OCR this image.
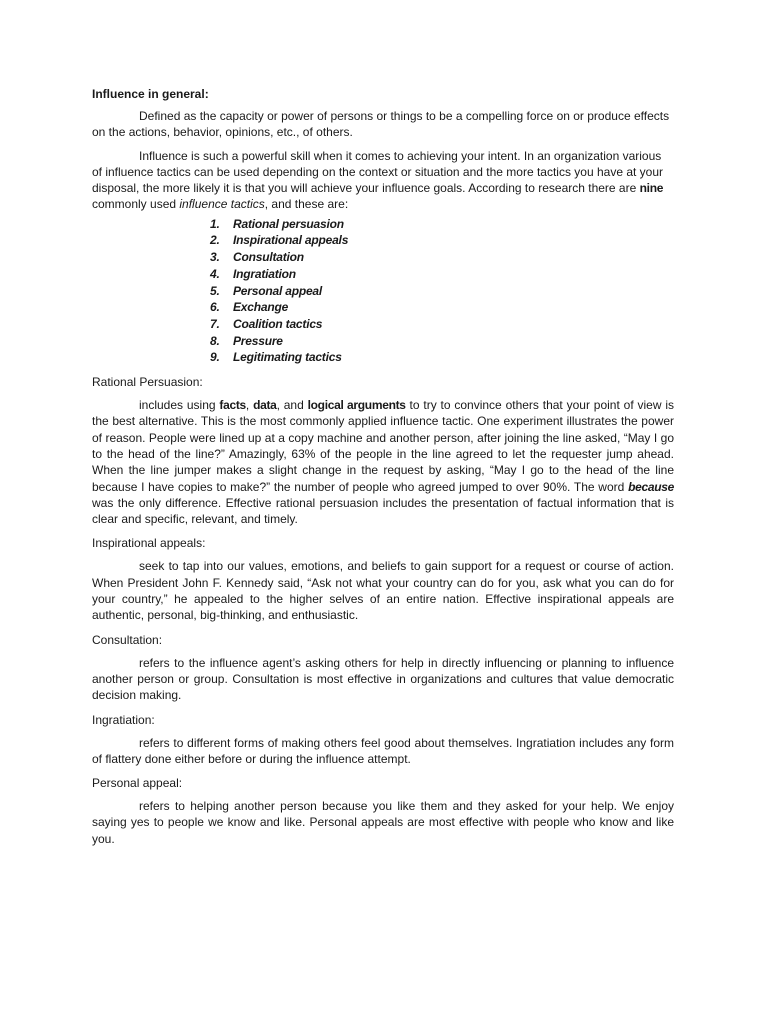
Influence in general:

Defined as the capacity or power of persons or things to be a compelling force on or produce effects on the actions, behavior, opinions, etc., of others.

Influence is such a powerful skill when it comes to achieving your intent. In an organization various of influence tactics can be used depending on the context or situation and the more tactics you have at your disposal, the more likely it is that you will achieve your influence goals. According to research there are nine commonly used influence tactics, and these are:

1. Rational persuasion
2. Inspirational appeals
3. Consultation
4. Ingratiation
5. Personal appeal
6. Exchange
7. Coalition tactics
8. Pressure
9. Legitimating tactics
Rational Persuasion:

includes using facts, data, and logical arguments to try to convince others that your point of view is the best alternative. This is the most commonly applied influence tactic. One experiment illustrates the power of reason. People were lined up at a copy machine and another person, after joining the line asked, “May I go to the head of the line?” Amazingly, 63% of the people in the line agreed to let the requester jump ahead. When the line jumper makes a slight change in the request by asking, “May I go to the head of the line because I have copies to make?” the number of people who agreed jumped to over 90%. The word because was the only difference. Effective rational persuasion includes the presentation of factual information that is clear and specific, relevant, and timely.

Inspirational appeals:

seek to tap into our values, emotions, and beliefs to gain support for a request or course of action. When President John F. Kennedy said, “Ask not what your country can do for you, ask what you can do for your country,” he appealed to the higher selves of an entire nation. Effective inspirational appeals are authentic, personal, big-thinking, and enthusiastic.

Consultation:

refers to the influence agent’s asking others for help in directly influencing or planning to influence another person or group. Consultation is most effective in organizations and cultures that value democratic decision making.

Ingratiation:

refers to different forms of making others feel good about themselves. Ingratiation includes any form of flattery done either before or during the influence attempt.

Personal appeal:

refers to helping another person because you like them and they asked for your help. We enjoy saying yes to people we know and like. Personal appeals are most effective with people who know and like you.
